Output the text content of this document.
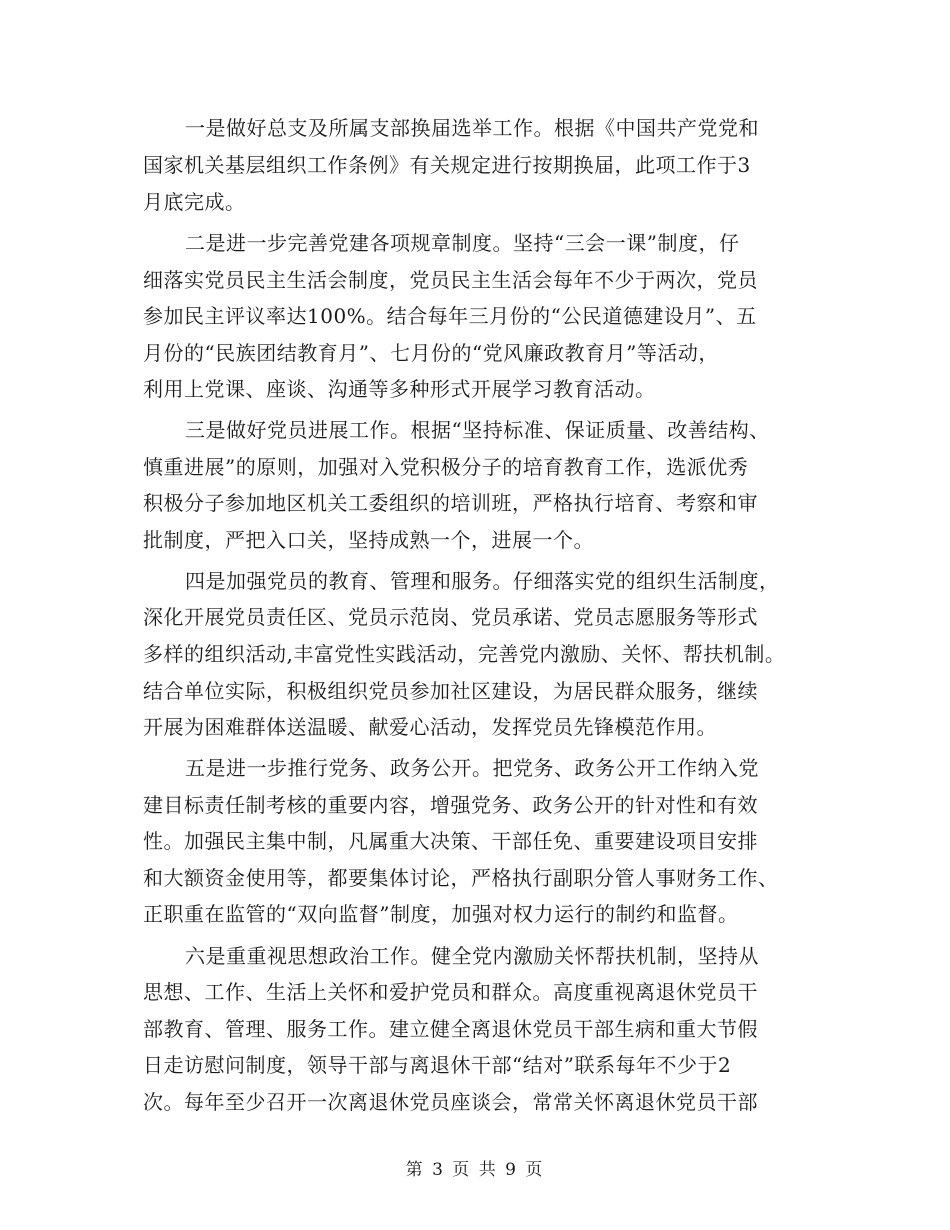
一是做好总支及所属支部换届选举工作。根据《中国共产党党和
国家机关基层组织工作条例》有关规定进行按期换届，此项工作于3
月底完成。
二是进一步完善党建各项规章制度。坚持“三会一课”制度，仔
细落实党员民主生活会制度，党员民主生活会每年不少于两次，党员
参加民主评议率达100%。结合每年三月份的“公民道德建设月”、五
月份的“民族团结教育月”、七月份的“党风廉政教育月”等活动，
利用上党课、座谈、沟通等多种形式开展学习教育活动。
三是做好党员进展工作。根据“坚持标准、保证质量、改善结构、
慎重进展”的原则，加强对入党积极分子的培育教育工作，选派优秀
积极分子参加地区机关工委组织的培训班，严格执行培育、考察和审
批制度，严把入口关，坚持成熟一个，进展一个。
四是加强党员的教育、管理和服务。仔细落实党的组织生活制度，
深化开展党员责任区、党员示范岗、党员承诺、党员志愿服务等形式
多样的组织活动,丰富党性实践活动，完善党内激励、关怀、帮扶机制。
结合单位实际，积极组织党员参加社区建设，为居民群众服务，继续
开展为困难群体送温暖、献爱心活动，发挥党员先锋模范作用。
五是进一步推行党务、政务公开。把党务、政务公开工作纳入党
建目标责任制考核的重要内容，增强党务、政务公开的针对性和有效
性。加强民主集中制，凡属重大决策、干部任免、重要建设项目安排
和大额资金使用等，都要集体讨论，严格执行副职分管人事财务工作、
正职重在监管的“双向监督”制度，加强对权力运行的制约和监督。
六是重重视思想政治工作。健全党内激励关怀帮扶机制，坚持从
思想、工作、生活上关怀和爱护党员和群众。高度重视离退休党员干
部教育、管理、服务工作。建立健全离退休党员干部生病和重大节假
日走访慰问制度，领导干部与离退休干部“结对”联系每年不少于2
次。每年至少召开一次离退休党员座谈会，常常关怀离退休党员干部
第 3 页 共 9 页
